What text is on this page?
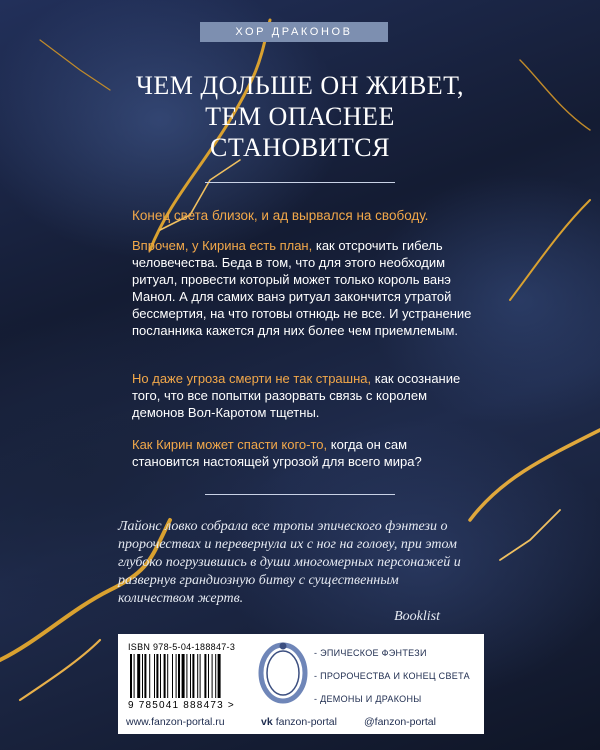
ХОР ДРАКОНОВ
ЧЕМ ДОЛЬШЕ ОН ЖИВЕТ,
ТЕМ ОПАСНЕЕ
СТАНОВИТСЯ
Конец света близок, и ад вырвался на свободу.
Впрочем, у Кирина есть план, как отсрочить гибель человечества. Беда в том, что для этого необходим ритуал, провести который может только король ванэ Манол. А для самих ванэ ритуал закончится утратой бессмертия, на что готовы отнюдь не все. И устранение посланника кажется для них более чем приемлемым.
Но даже угроза смерти не так страшна, как осознание того, что все попытки разорвать связь с королем демонов Вол-Каротом тщетны.
Как Кирин может спасти кого-то, когда он сам становится настоящей угрозой для всего мира?
Лайонс ловко собрала все тропы эпического фэнтези о пророчествах и перевернула их с ног на голову, при этом глубоко погрузившись в души многомерных персонажей и развернув грандиозную битву с существенным количеством жертв.
Booklist
ISBN 978-5-04-188847-3
9 785041 888473 >
- ЭПИЧЕСКОЕ ФЭНТЕЗИ
- ПРОРОЧЕСТВА И КОНЕЦ СВЕТА
- ДЕМОНЫ И ДРАКОНЫ
www.fanzon-portal.ru	vk fanzon-portal	@fanzon-portal
